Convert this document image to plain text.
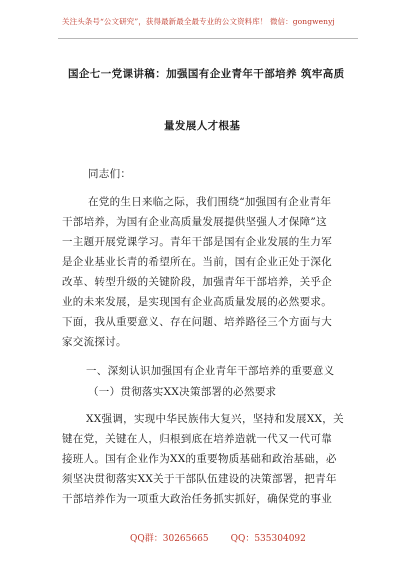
关注头条号“公文研究”，获得最新最全最专业的公文资料库！ 微信：gongwenyj
国企七一党课讲稿：加强国有企业青年干部培养 筑牢高质
量发展人才根基
同志们：
在党的生日来临之际，我们围绕“加强国有企业青年
干部培养，为国有企业高质量发展提供坚强人才保障”这
一主题开展党课学习。青年干部是国有企业发展的生力军
是企业基业长青的希望所在。当前，国有企业正处于深化
改革、转型升级的关键阶段，加强青年干部培养，关乎企
业的未来发展，是实现国有企业高质量发展的必然要求。
下面，我从重要意义、存在问题、培养路径三个方面与大
家交流探讨。
一、深刻认识加强国有企业青年干部培养的重要意义
（一）贯彻落实XX决策部署的必然要求
XX强调，实现中华民族伟大复兴，坚持和发展XX，关
键在党，关键在人，归根到底在培养造就一代又一代可靠
接班人。国有企业作为XX的重要物质基础和政治基础，必
须坚决贯彻落实XX关于干部队伍建设的决策部署，把青年
干部培养作为一项重大政治任务抓实抓好，确保党的事业
QQ群：30265665 QQ：535304092
